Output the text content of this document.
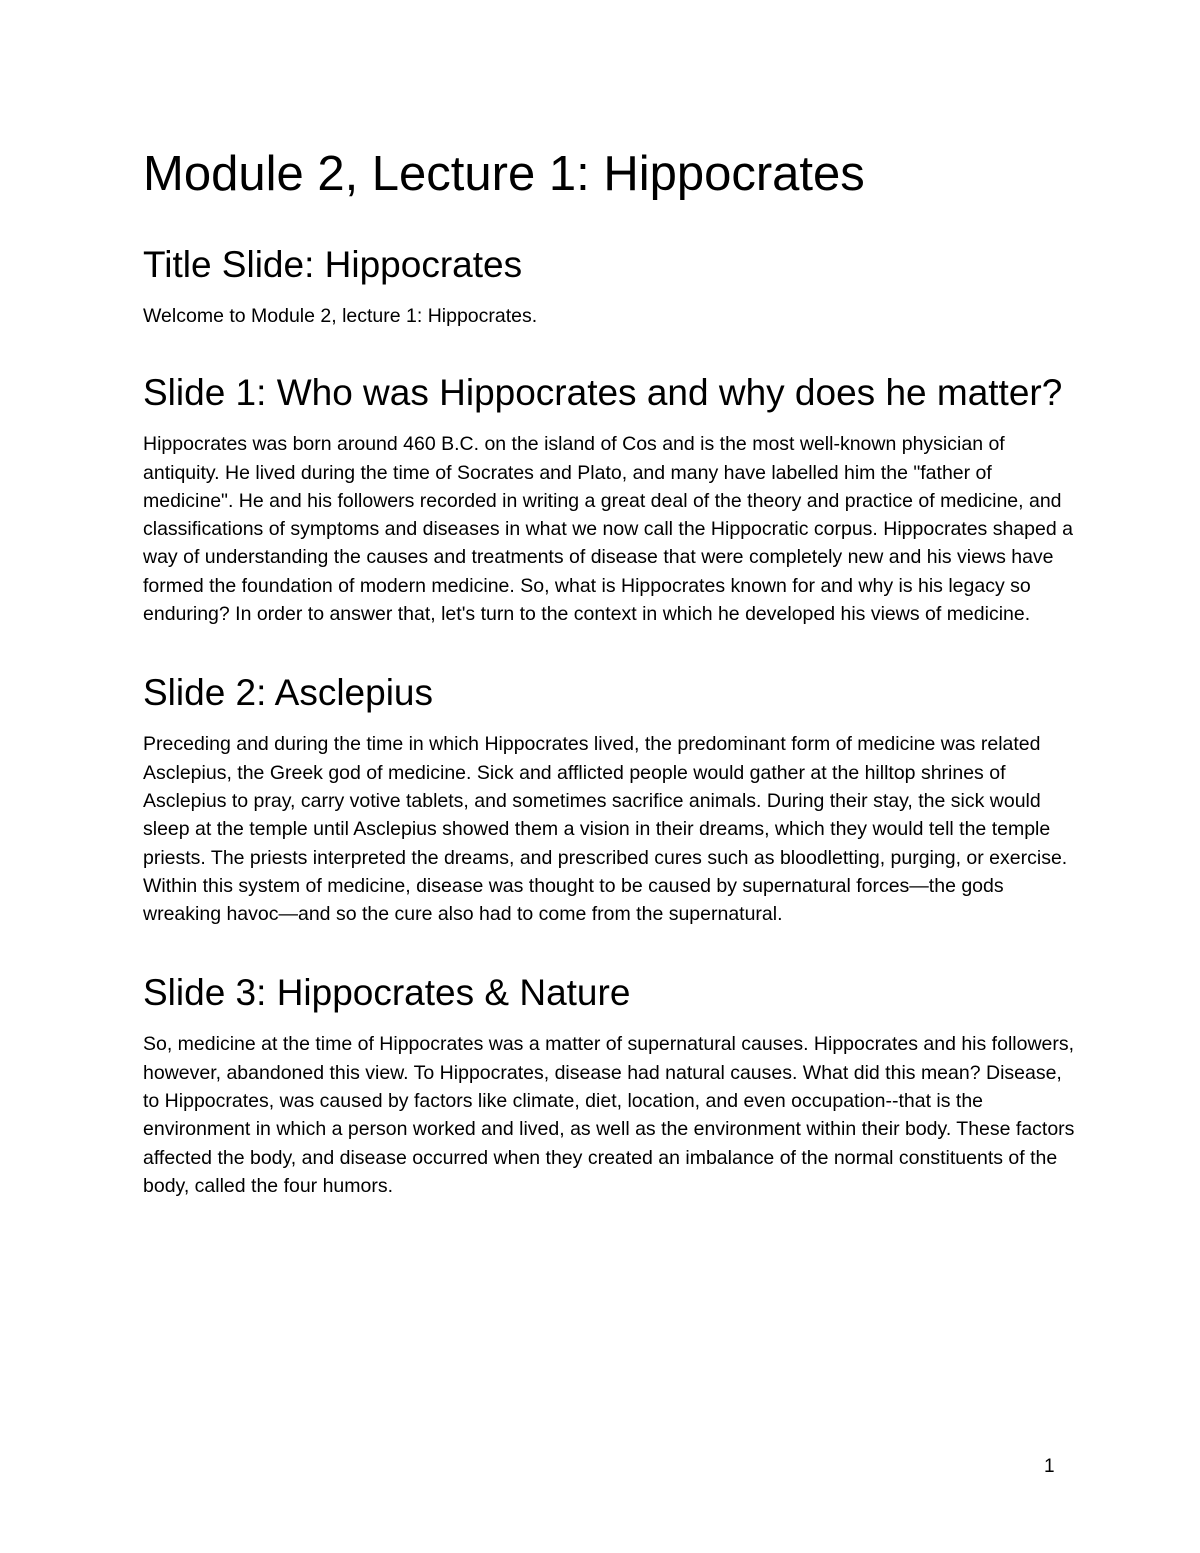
Module 2, Lecture 1: Hippocrates
Title Slide: Hippocrates

Welcome to Module 2, lecture 1: Hippocrates.

Slide 1: Who was Hippocrates and why does he matter?

Hippocrates was born around 460 B.C. on the island of Cos and is the most well-known physician of antiquity. He lived during the time of Socrates and Plato, and many have labelled him the "father of medicine". He and his followers recorded in writing a great deal of the theory and practice of medicine, and classifications of symptoms and diseases in what we now call the Hippocratic corpus. Hippocrates shaped a way of understanding the causes and treatments of disease that were completely new and his views have formed the foundation of modern medicine. So, what is Hippocrates known for and why is his legacy so enduring? In order to answer that, let's turn to the context in which he developed his views of medicine.

Slide 2: Asclepius

Preceding and during the time in which Hippocrates lived, the predominant form of medicine was related Asclepius, the Greek god of medicine. Sick and afflicted people would gather at the hilltop shrines of Asclepius to pray, carry votive tablets, and sometimes sacrifice animals. During their stay, the sick would sleep at the temple until Asclepius showed them a vision in their dreams, which they would tell the temple priests. The priests interpreted the dreams, and prescribed cures such as bloodletting, purging, or exercise. Within this system of medicine, disease was thought to be caused by supernatural forces—the gods wreaking havoc—and so the cure also had to come from the supernatural.

Slide 3: Hippocrates & Nature

So, medicine at the time of Hippocrates was a matter of supernatural causes. Hippocrates and his followers, however, abandoned this view. To Hippocrates, disease had natural causes. What did this mean? Disease, to Hippocrates, was caused by factors like climate, diet, location, and even occupation--that is the environment in which a person worked and lived, as well as the environment within their body. These factors affected the body, and disease occurred when they created an imbalance of the normal constituents of the body, called the four humors.

1
